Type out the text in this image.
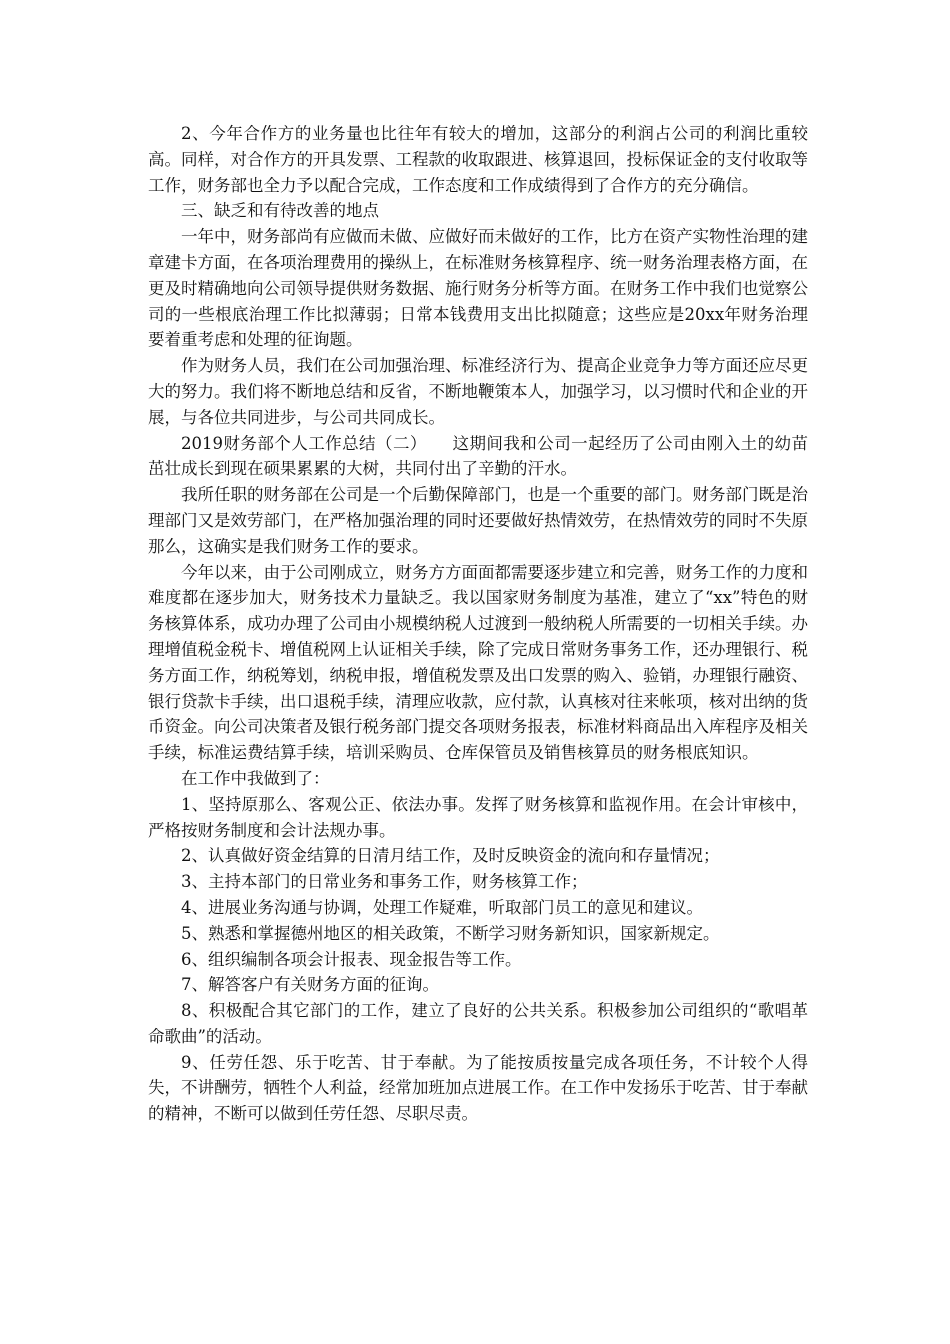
2、今年合作方的业务量也比往年有较大的增加，这部分的利润占公司的利润比重较高。同样，对合作方的开具发票、工程款的收取跟进、核算退回，投标保证金的支付收取等工作，财务部也全力予以配合完成，工作态度和工作成绩得到了合作方的充分确信。

三、缺乏和有待改善的地点

一年中，财务部尚有应做而未做、应做好而未做好的工作，比方在资产实物性治理的建章建卡方面，在各项治理费用的操纵上，在标准财务核算程序、统一财务治理表格方面，在更及时精确地向公司领导提供财务数据、施行财务分析等方面。在财务工作中我们也觉察公司的一些根底治理工作比拟薄弱；日常本钱费用支出比拟随意；这些应是20xx年财务治理要着重考虑和处理的征询题。

作为财务人员，我们在公司加强治理、标准经济行为、提高企业竞争力等方面还应尽更大的努力。我们将不断地总结和反省，不断地鞭策本人，加强学习，以习惯时代和企业的开展，与各位共同进步，与公司共同成长。

2019财务部个人工作总结（二）　　这期间我和公司一起经历了公司由刚入土的幼苗茁壮成长到现在硕果累累的大树，共同付出了辛勤的汗水。

我所任职的财务部在公司是一个后勤保障部门，也是一个重要的部门。财务部门既是治理部门又是效劳部门，在严格加强治理的同时还要做好热情效劳，在热情效劳的同时不失原那么，这确实是我们财务工作的要求。

今年以来，由于公司刚成立，财务方方面面都需要逐步建立和完善，财务工作的力度和难度都在逐步加大，财务技术力量缺乏。我以国家财务制度为基准，建立了“xx”特色的财务核算体系，成功办理了公司由小规模纳税人过渡到一般纳税人所需要的一切相关手续。办理增值税金税卡、增值税网上认证相关手续，除了完成日常财务事务工作，还办理银行、税务方面工作，纳税筹划，纳税申报，增值税发票及出口发票的购入、验销，办理银行融资、银行贷款卡手续，出口退税手续，清理应收款，应付款，认真核对往来帐项，核对出纳的货币资金。向公司决策者及银行税务部门提交各项财务报表，标准材料商品出入库程序及相关手续，标准运费结算手续，培训采购员、仓库保管员及销售核算员的财务根底知识。

在工作中我做到了：

1、坚持原那么、客观公正、依法办事。发挥了财务核算和监视作用。在会计审核中，严格按财务制度和会计法规办事。

2、认真做好资金结算的日清月结工作，及时反映资金的流向和存量情况；

3、主持本部门的日常业务和事务工作，财务核算工作；

4、进展业务沟通与协调，处理工作疑难，听取部门员工的意见和建议。

5、熟悉和掌握德州地区的相关政策，不断学习财务新知识，国家新规定。

6、组织编制各项会计报表、现金报告等工作。

7、解答客户有关财务方面的征询。

8、积极配合其它部门的工作，建立了良好的公共关系。积极参加公司组织的“歌唱革命歌曲”的活动。

9、任劳任怨、乐于吃苦、甘于奉献。为了能按质按量完成各项任务，不计较个人得失，不讲酬劳，牺牲个人利益，经常加班加点进展工作。在工作中发扬乐于吃苦、甘于奉献的精神，不断可以做到任劳任怨、尽职尽责。
